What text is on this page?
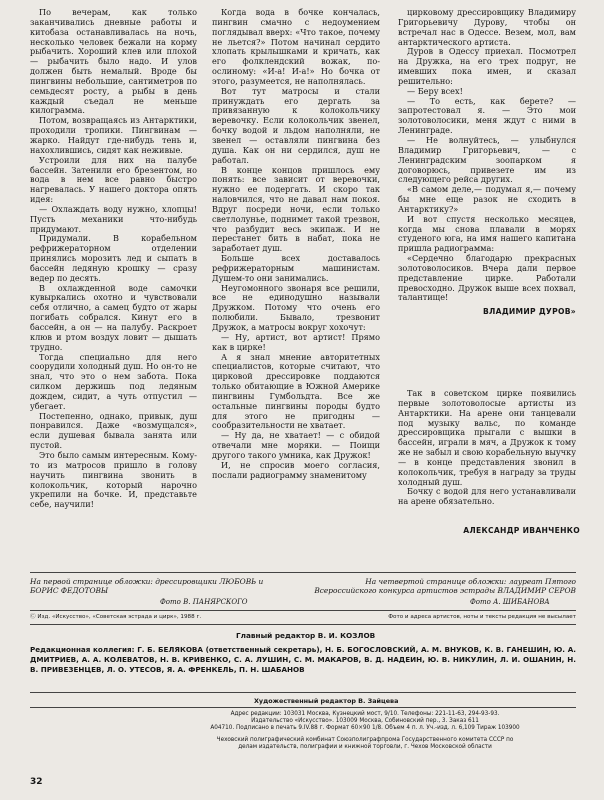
По вечерам, как только заканчивались дневные работы и китобаза останавливалась на ночь, несколько человек бежали на корму рыбачить. Хороший клев или плохой — рыбачить было надо. И улов должен быть немалый. Вроде бы пингвины небольшие, сантиметров по семьдесят росту, а рыбы в день каждый съедал не меньше килограмма.

Потом, возвращаясь из Антарктики, проходили тропики. Пингвинам — жарко. Найдут где-нибудь тень и, нахохлившись, сидят как неживые.

Устроили для них на палубе бассейн. Затенили его брезентом, но вода в нем все равно быстро нагревалась. У нашего доктора опять идея:

— Охлаждать воду нужно, хлопцы! Пусть механики что-нибудь придумают.

Придумали. В корабельном рефрижераторном отделении принялись морозить лед и сыпать в бассейн ледяную крошку — сразу ведер по десять.

В охлажденной воде самочки кувыркались охотно и чувствовали себя отлично, а самец будто от жары погибать собрался. Кинут его в бассейн, а он — на палубу. Раскроет клюв и ртом воздух ловит — дышать трудно.

Тогда специально для него соорудили холодный душ. Но он-то не знал, что это о нем забота. Пока силком держишь под ледяным дождем, сидит, а чуть отпустил — убегает.

Постепенно, однако, привык, душ понравился. Даже «возмущался», если душевая бывала занята или пустой.

Это было самым интересным. Кому-то из матросов пришло в голову научить пингвина звонить в колокольчик, который нарочно укрепили на бочке. И, представьте себе, научили!

Когда вода в бочке кончалась, пингвин смачно с недоумением поглядывал вверх: «Что такое, почему не льется?» Потом начинал сердито хлопать крылышками и кричать, как его фолклендский вожак, по-ослиному: «И-а! И-а!» Но бочка от этого, разумеется, не наполнялась.

Вот тут матросы и стали принуждать его дергать за привязанную к колокольчику веревочку. Если колокольчик звенел, бочку водой и льдом наполняли, не звенел — оставляли пингвина без душа. Как он ни сердился, душ не работал.

В конце концов пришлось ему понять: все зависит от веревочки, нужно ее подергать. И скоро так наловчился, что не давал нам покоя. Вдруг посреди ночи, если только светлолунье, поднимет такой трезвон, что разбудит весь экипаж. И не перестанет бить в набат, пока не заработает душ.

Больше всех доставалось рефрижераторным машинистам. Душем-то они занимались.

Неугомонного звонаря все решили, все не единодушно называли Дружком. Потому что очень его полюбили. Бывало, трезвонит Дружок, а матросы вокруг хохочут:

— Ну, артист, вот артист! Прямо как в цирке!

А я знал мнение авторитетных специалистов, которые считают, что цирковой дрессировке поддаются только обитающие в Южной Америке пингвины Гумбольдта. Все же остальные пингвины породы будто для этого не пригодны — сообразительности не хватает.

— Ну да, не хватает! — с обидой отвечали мне моряки. — Поищи другого такого умника, как Дружок!

И, не спросив моего согласия, послали радиограмму знаменитому

цирковому дрессировщику Владимиру Григорьевичу Дурову, чтобы он встречал нас в Одессе. Везем, мол, вам антарктического артиста.

Дуров в Одессу приехал. Посмотрел на Дружка, на его трех подруг, не имевших пока имен, и сказал решительно:

— Беру всех!

— То есть, как берете? — запротестовал я. — Это мои золотоволосики, меня ждут с ними в Ленинграде.

— Не волнуйтесь, — улыбнулся Владимир Григорьевич, — с Ленинградским зоопарком я договорюсь, привезете им из следующего рейса других.

«В самом деле,— подумал я,— почему бы мне еще разок не сходить в Антарктику?»

И вот спустя несколько месяцев, когда мы снова плавали в морях студеного юга, на имя нашего капитана пришла радиограмма:

«Сердечно благодарю прекрасных золотоволосиков. Вчера дали первое представление цирке. Работали превосходно. Дружок выше всех похвал, талантище!

ВЛАДИМИР ДУРОВ»

Так в советском цирке появились первые золотоволосые артисты из Антарктики. На арене они танцевали под музыку вальс, по команде дрессировщика прыгали с вышки в бассейн, играли в мяч, а Дружок к тому же не забыл и свою корабельную выучку — в конце представления звонил в колокольчик, требуя в награду за труды холодный душ.

Бочку с водой для него устанавливали на арене обязательно.

АЛЕКСАНДР ИВАНЧЕНКО
На первой странице обложки: дрессировщики ЛЮБОВЬ и БОРИС ФЕДОТОВЫ
Фото В. ПАНЯРСКОГО
На четвертой странице обложки: лауреат Пятого Всероссийского конкурса артистов эстрады ВЛАДИМИР СЕРОВ
Фото А. ШИБАНОВА
Ⓒ Изд. «Искусство», «Советская эстрада и цирк», 1988 г.	Фото и адреса артистов, ноты и тексты редакция не высылает
Главный редактор В. И. КОЗЛОВ
Редакционная коллегия: Г. Б. БЕЛЯКОВА (ответственный секретарь), Н. Б. БОГОСЛОВСКИЙ, А. М. ВНУКОВ, К. В. ГАНЕШИН, Ю. А. ДМИТРИЕВ, А. А. КОЛЕВАТОВ, Н. В. КРИВЕНКО, С. А. ЛУШИН, С. М. МАКАРОВ, В. Д. НАДЕИН, Ю. В. НИКУЛИН, Л. И. ОШАНИН, Н. В. ПРИВЕЗЕНЦЕВ, Л. О. УТЕСОВ, Я. А. ФРЕНКЕЛЬ, П. Н. ШАБАНОВ
Художественный редактор В. Зайцева
Адрес редакции: 103031 Москва, Кузнецкий мост, 9/10. Телефоны: 221-11-63, 294-93-93.
Издательство «Искусство». 103009 Москва, Собиновский пер., 3. Заказ 611
А04710. Подписано в печать 9.IV.88 г. Формат 60×90 1/8. Объем 4 п. л. Уч.-изд. л. 6,109 Тираж 103900
Чеховский полиграфический комбинат Союзполиграфпрома Государственного комитета СССР по делам издательств, полиграфии и книжной торговли, г. Чехов Московской области
32
